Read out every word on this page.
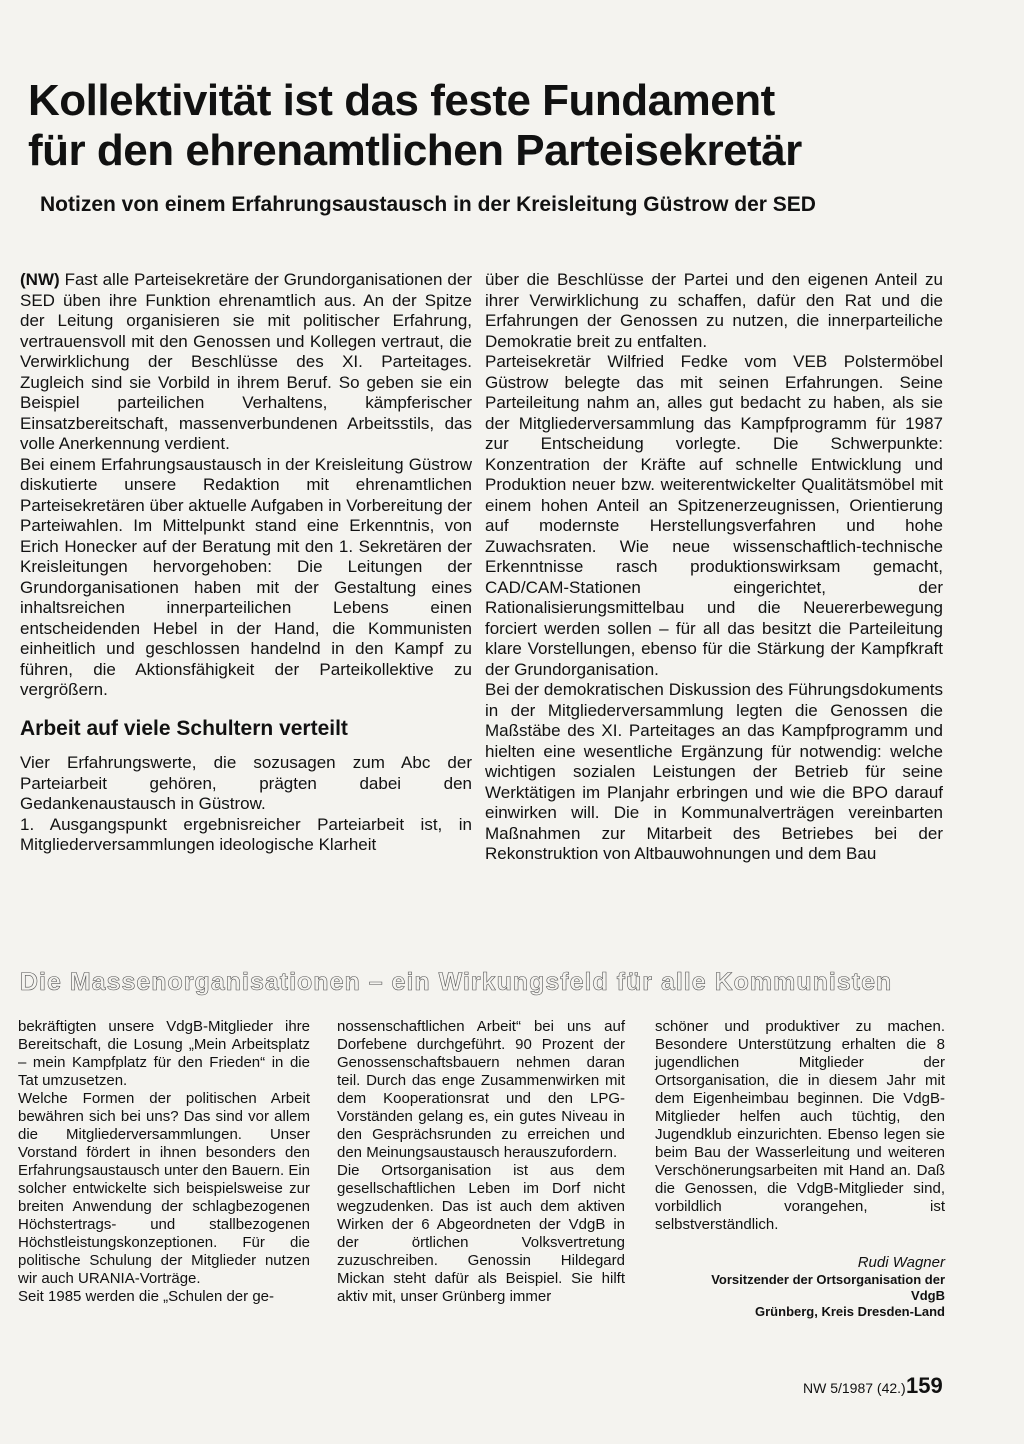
Kollektivität ist das feste Fundament
für den ehrenamtlichen Parteisekretär
Notizen von einem Erfahrungsaustausch in der Kreisleitung Güstrow der SED

(NW) Fast alle Parteisekretäre der Grundorganisationen der SED üben ihre Funktion ehrenamtlich aus. An der Spitze der Leitung organisieren sie mit politischer Erfahrung, vertrauensvoll mit den Genossen und Kollegen vertraut, die Verwirklichung der Beschlüsse des XI. Parteitages. Zugleich sind sie Vorbild in ihrem Beruf. So geben sie ein Beispiel parteilichen Verhaltens, kämpferischer Einsatzbereitschaft, massenverbundenen Arbeitsstils, das volle Anerkennung verdient.

Bei einem Erfahrungsaustausch in der Kreisleitung Güstrow diskutierte unsere Redaktion mit ehrenamtlichen Parteisekretären über aktuelle Aufgaben in Vorbereitung der Parteiwahlen. Im Mittelpunkt stand eine Erkenntnis, von Erich Honecker auf der Beratung mit den 1. Sekretären der Kreisleitungen hervorgehoben: Die Leitungen der Grundorganisationen haben mit der Gestaltung eines inhaltsreichen innerparteilichen Lebens einen entscheidenden Hebel in der Hand, die Kommunisten einheitlich und geschlossen handelnd in den Kampf zu führen, die Aktionsfähigkeit der Parteikollektive zu vergrößern.

Arbeit auf viele Schultern verteilt

Vier Erfahrungswerte, die sozusagen zum Abc der Parteiarbeit gehören, prägten dabei den Gedankenaustausch in Güstrow.

1. Ausgangspunkt ergebnisreicher Parteiarbeit ist, in Mitgliederversammlungen ideologische Klarheit

über die Beschlüsse der Partei und den eigenen Anteil zu ihrer Verwirklichung zu schaffen, dafür den Rat und die Erfahrungen der Genossen zu nutzen, die innerparteiliche Demokratie breit zu entfalten.

Parteisekretär Wilfried Fedke vom VEB Polstermöbel Güstrow belegte das mit seinen Erfahrungen. Seine Parteileitung nahm an, alles gut bedacht zu haben, als sie der Mitgliederversammlung das Kampfprogramm für 1987 zur Entscheidung vorlegte. Die Schwerpunkte: Konzentration der Kräfte auf schnelle Entwicklung und Produktion neuer bzw. weiterentwickelter Qualitätsmöbel mit einem hohen Anteil an Spitzenerzeugnissen, Orientierung auf modernste Herstellungsverfahren und hohe Zuwachsraten. Wie neue wissenschaftlich-technische Erkenntnisse rasch produktionswirksam gemacht, CAD/CAM-Stationen eingerichtet, der Rationalisierungsmittelbau und die Neuererbewegung forciert werden sollen – für all das besitzt die Parteileitung klare Vorstellungen, ebenso für die Stärkung der Kampfkraft der Grundorganisation.

Bei der demokratischen Diskussion des Führungsdokuments in der Mitgliederversammlung legten die Genossen die Maßstäbe des XI. Parteitages an das Kampfprogramm und hielten eine wesentliche Ergänzung für notwendig: welche wichtigen sozialen Leistungen der Betrieb für seine Werktätigen im Planjahr erbringen und wie die BPO darauf einwirken will. Die in Kommunalverträgen vereinbarten Maßnahmen zur Mitarbeit des Betriebes bei der Rekonstruktion von Altbauwohnungen und dem Bau

Die Massenorganisationen – ein Wirkungsfeld für alle Kommunisten

bekräftigten unsere VdgB-Mitglieder ihre Bereitschaft, die Losung „Mein Arbeitsplatz – mein Kampfplatz für den Frieden“ in die Tat umzusetzen.

Welche Formen der politischen Arbeit bewähren sich bei uns? Das sind vor allem die Mitgliederversammlungen. Unser Vorstand fördert in ihnen besonders den Erfahrungsaustausch unter den Bauern. Ein solcher entwickelte sich beispielsweise zur breiten Anwendung der schlagbezogenen Höchstertrags- und stallbezogenen Höchstleistungskonzeptionen. Für die politische Schulung der Mitglieder nutzen wir auch URANIA-Vorträge.

Seit 1985 werden die „Schulen der ge-

nossenschaftlichen Arbeit“ bei uns auf Dorfebene durchgeführt. 90 Prozent der Genossenschaftsbauern nehmen daran teil. Durch das enge Zusammenwirken mit dem Kooperationsrat und den LPG-Vorständen gelang es, ein gutes Niveau in den Gesprächsrunden zu erreichen und den Meinungsaustausch herauszufordern.

Die Ortsorganisation ist aus dem gesellschaftlichen Leben im Dorf nicht wegzudenken. Das ist auch dem aktiven Wirken der 6 Abgeordneten der VdgB in der örtlichen Volksvertretung zuzuschreiben. Genossin Hildegard Mickan steht dafür als Beispiel. Sie hilft aktiv mit, unser Grünberg immer

schöner und produktiver zu machen. Besondere Unterstützung erhalten die 8 jugendlichen Mitglieder der Ortsorganisation, die in diesem Jahr mit dem Eigenheimbau beginnen. Die VdgB-Mitglieder helfen auch tüchtig, den Jugendklub einzurichten. Ebenso legen sie beim Bau der Wasserleitung und weiteren Verschönerungsarbeiten mit Hand an. Daß die Genossen, die VdgB-Mitglieder sind, vorbildlich vorangehen, ist selbstverständlich.

Rudi Wagner
Vorsitzender der Ortsorganisation der
VdgB
Grünberg, Kreis Dresden-Land
NW 5/1987 (42.) 159
